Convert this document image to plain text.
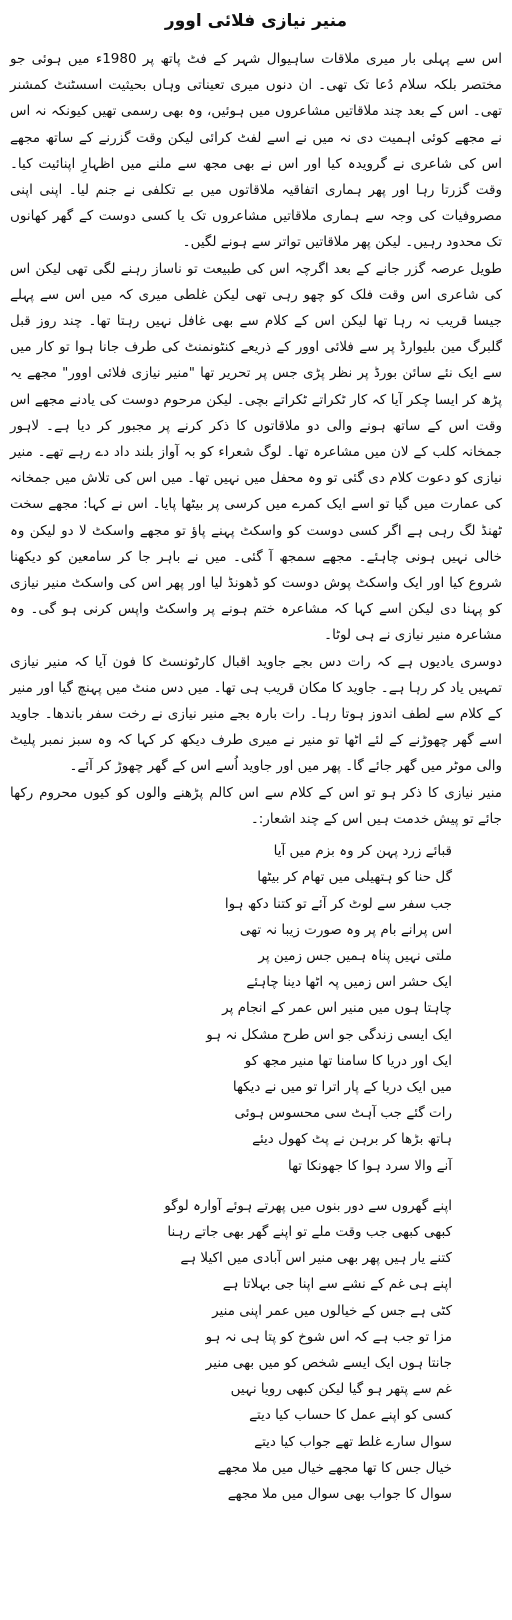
منیر نیازی فلائی اوور

اس سے پہلی بار میری ملاقات ساہیوال شہر کے فٹ پاتھ پر 1980ء میں ہوئی جو مختصر بلکہ سلام دُعا تک تھی۔ ان دنوں میری تعیناتی وہاں بحیثیت اسسٹنٹ کمشنر تھی۔ اس کے بعد چند ملاقاتیں مشاعروں میں ہوئیں، وہ بھی رسمی تھیں کیونکہ نہ اس نے مجھے کوئی اہمیت دی نہ میں نے اسے لفٹ کرائی لیکن وقت گزرنے کے ساتھ مجھے اس کی شاعری نے گرویدہ کیا اور اس نے بھی مجھ سے ملنے میں اظہارِ اپنائیت کیا۔ وقت گزرتا رہا اور پھر ہماری اتفاقیہ ملاقاتوں میں بے تکلفی نے جنم لیا۔ اپنی اپنی مصروفیات کی وجہ سے ہماری ملاقاتیں مشاعروں تک یا کسی دوست کے گھر کھانوں تک محدود رہیں۔ لیکن پھر ملاقاتیں تواتر سے ہونے لگیں۔

طویل عرصہ گزر جانے کے بعد اگرچہ اس کی طبیعت تو ناساز رہنے لگی تھی لیکن اس کی شاعری اس وقت فلک کو چھو رہی تھی لیکن غلطی میری کہ میں اس سے پہلے جیسا قریب نہ رہا تھا لیکن اس کے کلام سے بھی غافل نہیں رہتا تھا۔ چند روز قبل گلبرگ مین بلیوارڈ پر سے فلائی اوور کے ذریعے کنٹونمنٹ کی طرف جانا ہوا تو کار میں سے ایک نئے سائن بورڈ پر نظر پڑی جس پر تحریر تھا "منیر نیازی فلائی اوور" مجھے یہ پڑھ کر ایسا چکر آیا کہ کار ٹکراتے ٹکراتے بچی۔ لیکن مرحوم دوست کی یادنے مجھے اس وقت اس کے ساتھ ہونے والی دو ملاقاتوں کا ذکر کرنے پر مجبور کر دیا ہے۔ لاہور جمخانہ کلب کے لان میں مشاعرہ تھا۔ لوگ شعراء کو بہ آواز بلند داد دے رہے تھے۔ منیر نیازی کو دعوت کلام دی گئی تو وہ محفل میں نہیں تھا۔ میں اس کی تلاش میں جمخانہ کی عمارت میں گیا تو اسے ایک کمرے میں کرسی پر بیٹھا پایا۔ اس نے کہا: مجھے سخت ٹھنڈ لگ رہی ہے اگر کسی دوست کو واسکٹ پہنے پاؤ تو مجھے واسکٹ لا دو لیکن وہ خالی نہیں ہونی چاہئے۔ مجھے سمجھ آ گئی۔ میں نے باہر جا کر سامعین کو دیکھنا شروع کیا اور ایک واسکٹ پوش دوست کو ڈھونڈ لیا اور پھر اس کی واسکٹ منیر نیازی کو پہنا دی لیکن اسے کہا کہ مشاعرہ ختم ہونے پر واسکٹ واپس کرنی ہو گی۔ وہ مشاعرہ منیر نیازی نے ہی لوٹا۔

دوسری یادیوں ہے کہ رات دس بجے جاوید اقبال کارٹونسٹ کا فون آیا کہ منیر نیازی تمہیں یاد کر رہا ہے۔ جاوید کا مکان قریب ہی تھا۔ میں دس منٹ میں پہنچ گیا اور منیر کے کلام سے لطف اندوز ہوتا رہا۔ رات بارہ بجے منیر نیازی نے رخت سفر باندھا۔ جاوید اسے گھر چھوڑنے کے لئے اٹھا تو منیر نے میری طرف دیکھ کر کہا کہ وہ سبز نمبر پلیٹ والی موٹر میں گھر جائے گا۔ پھر میں اور جاوید اُسے اس کے گھر چھوڑ کر آئے۔

منیر نیازی کا ذکر ہو تو اس کے کلام سے اس کالم پڑھنے والوں کو کیوں محروم رکھا جائے تو پیش خدمت ہیں اس کے چند اشعار:۔

قبائے زرد پہن کر وہ بزم میں آیا

گل حنا کو ہتھیلی میں تھام کر بیٹھا

جب سفر سے لوٹ کر آئے تو کتنا دکھ ہوا

اس پرانے بام پر وہ صورت زیبا نہ تھی

ملتی نہیں پناہ ہمیں جس زمین پر

ایک حشر اس زمیں پہ اٹھا دینا چاہئے

چاہتا ہوں میں منیر اس عمر کے انجام پر

ایک ایسی زندگی جو اس طرح مشکل نہ ہو

ایک اور دریا کا سامنا تھا منیر مجھ کو

میں ایک دریا کے پار اترا تو میں نے دیکھا

رات گئے جب آہٹ سی محسوس ہوئی

ہاتھ بڑھا کر برہن نے پٹ کھول دیئے

آنے والا سرد ہوا کا جھونکا تھا

اپنے گھروں سے دور بنوں میں پھرتے ہوئے آوارہ لوگو

کبھی کبھی جب وقت ملے تو اپنے گھر بھی جاتے رہنا

کتنے یار ہیں پھر بھی منیر اس آبادی میں اکیلا ہے

اپنے ہی غم کے نشے سے اپنا جی بہلاتا ہے

کٹی ہے جس کے خیالوں میں عمر اپنی منیر

مزا تو جب ہے کہ اس شوخ کو پتا ہی نہ ہو

جانتا ہوں ایک ایسے شخص کو میں بھی منیر

غم سے پتھر ہو گیا لیکن کبھی رویا نہیں

کسی کو اپنے عمل کا حساب کیا دیتے

سوال سارے غلط تھے جواب کیا دیتے

خیال جس کا تھا مجھے خیال میں ملا مجھے

سوال کا جواب بھی سوال میں ملا مجھے
